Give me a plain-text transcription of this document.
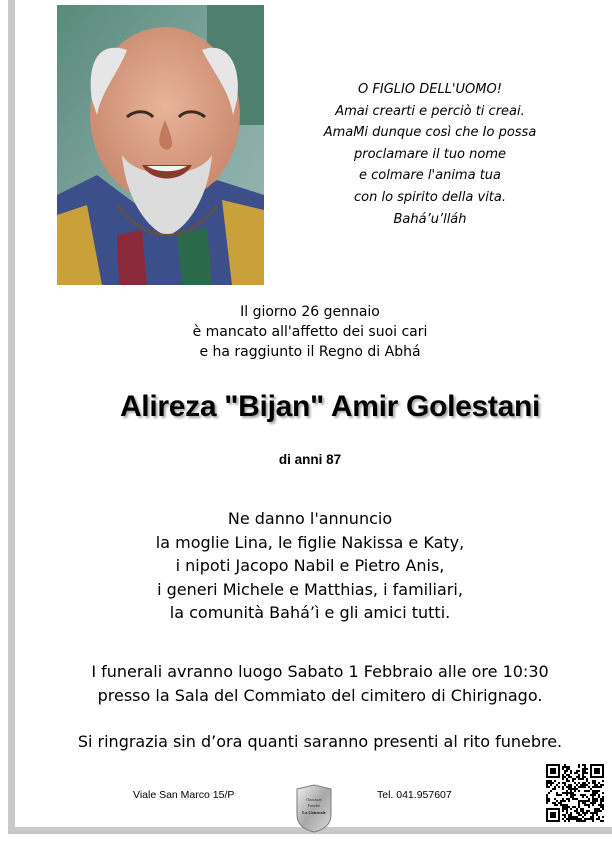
O FIGLIO DELL'UOMO!
Amai crearti e perciò ti creai.
AmaMi dunque così che Io possa
proclamare il tuo nome
e colmare l'anima tua
con lo spirito della vita.
Bahá’u’lláh
Il giorno 26 gennaio
è mancato all'affetto dei suoi cari
e ha raggiunto il Regno di Abhá
Alireza "Bijan" Amir Golestani
di anni 87
Ne danno l'annuncio
la moglie Lina, le figlie Nakissa e Katy,
i nipoti Jacopo Nabil e Pietro Anis,
i generi Michele e Matthias, i familiari,
la comunità Bahá’ì e gli amici tutti.
I funerali avranno luogo Sabato 1 Febbraio alle ore 10:30
presso la Sala del Commiato del cimitero di Chirignago.
Si ringrazia sin d’ora quanti saranno presenti al rito funebre.
Viale San Marco 15/P	Onoranze
Funebri
La Generale
Tel. 041.957607
